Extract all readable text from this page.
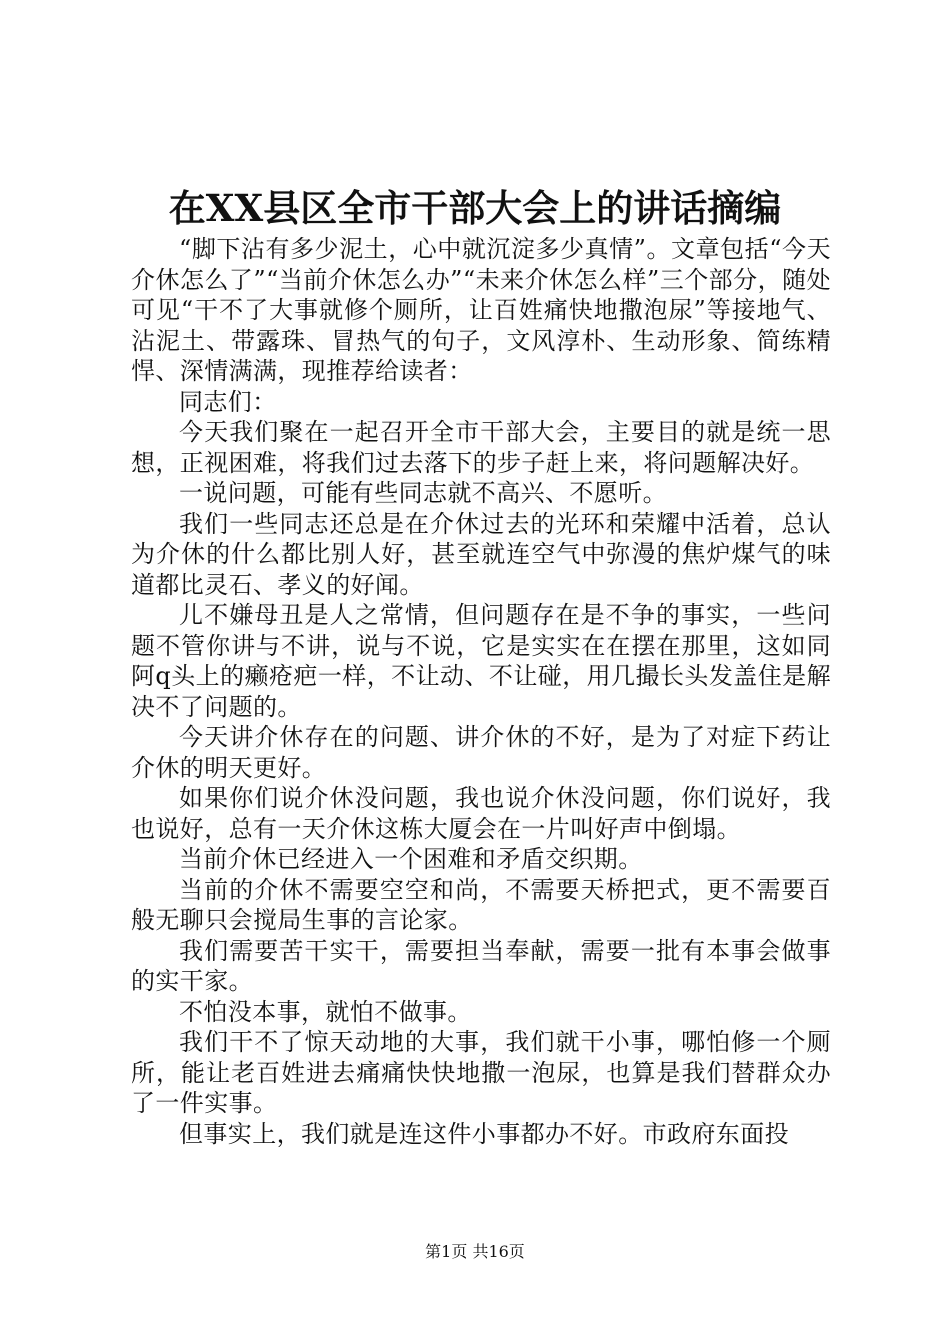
在XX县区全市干部大会上的讲话摘编

“脚下沾有多少泥土，心中就沉淀多少真情”。文章包括“今天介休怎么了”“当前介休怎么办”“未来介休怎么样”三个部分，随处可见“干不了大事就修个厕所，让百姓痛快地撒泡尿”等接地气、沾泥土、带露珠、冒热气的句子，文风淳朴、生动形象、简练精悍、深情满满，现推荐给读者：

同志们：

今天我们聚在一起召开全市干部大会，主要目的就是统一思想，正视困难，将我们过去落下的步子赶上来，将问题解决好。

一说问题，可能有些同志就不高兴、不愿听。

我们一些同志还总是在介休过去的光环和荣耀中活着，总认为介休的什么都比别人好，甚至就连空气中弥漫的焦炉煤气的味道都比灵石、孝义的好闻。

儿不嫌母丑是人之常情，但问题存在是不争的事实，一些问题不管你讲与不讲，说与不说，它是实实在在摆在那里，这如同阿q头上的癞疮疤一样，不让动、不让碰，用几撮长头发盖住是解决不了问题的。

今天讲介休存在的问题、讲介休的不好，是为了对症下药让介休的明天更好。

如果你们说介休没问题，我也说介休没问题，你们说好，我也说好，总有一天介休这栋大厦会在一片叫好声中倒塌。

当前介休已经进入一个困难和矛盾交织期。

当前的介休不需要空空和尚，不需要天桥把式，更不需要百般无聊只会搅局生事的言论家。

我们需要苦干实干，需要担当奉献，需要一批有本事会做事的实干家。

不怕没本事，就怕不做事。

我们干不了惊天动地的大事，我们就干小事，哪怕修一个厕所，能让老百姓进去痛痛快快地撒一泡尿，也算是我们替群众办了一件实事。

但事实上，我们就是连这件小事都办不好。市政府东面投

第1页 共16页
